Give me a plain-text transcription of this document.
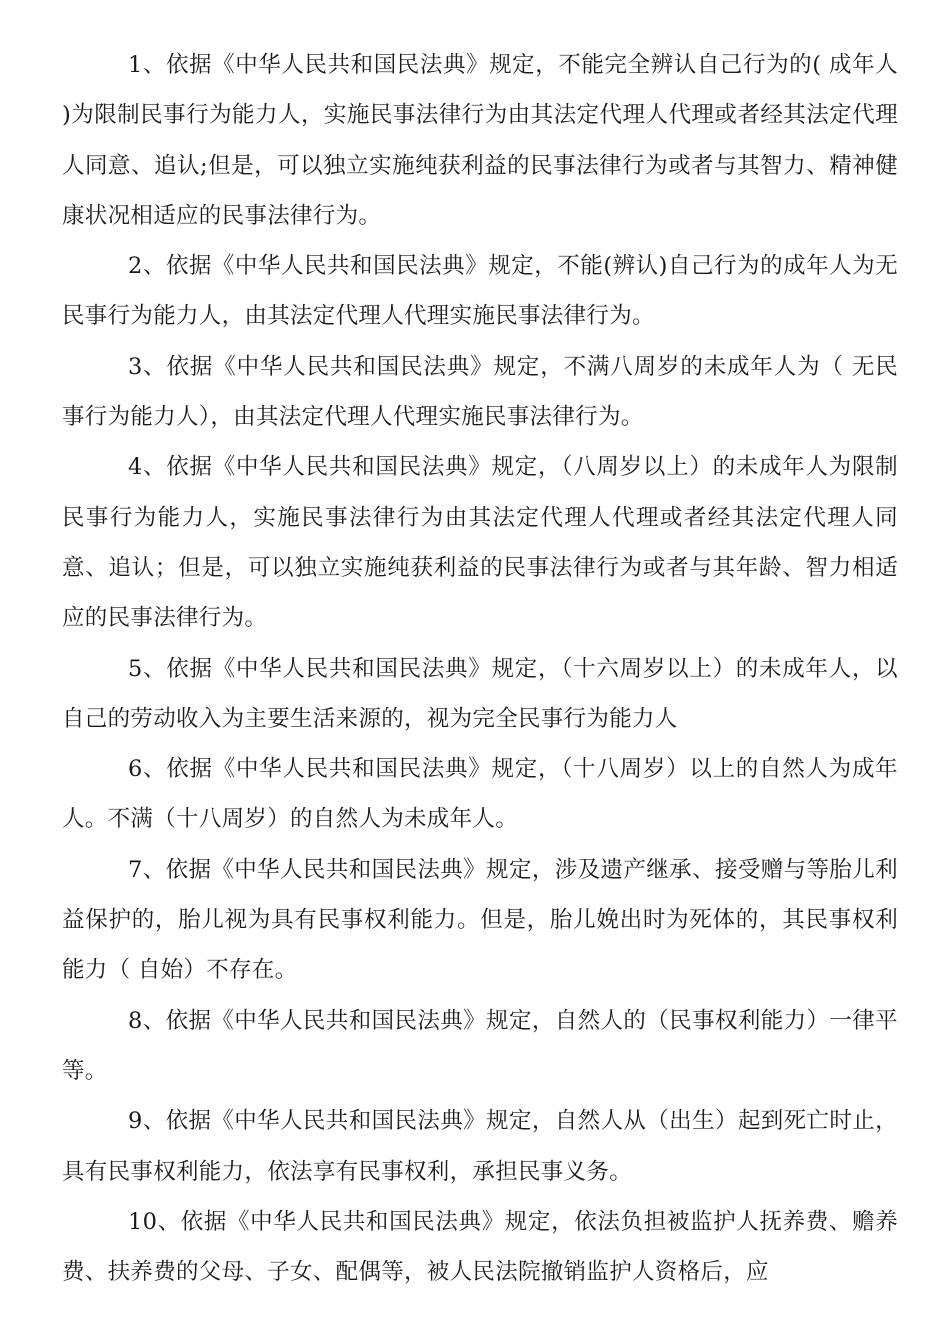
1、依据《中华人民共和国民法典》规定，不能完全辨认自己行为的( 成年人 )为限制民事行为能力人，实施民事法律行为由其法定代理人代理或者经其法定代理人同意、追认;但是，可以独立实施纯获利益的民事法律行为或者与其智力、精神健康状况相适应的民事法律行为。

2、依据《中华人民共和国民法典》规定，不能(辨认)自己行为的成年人为无民事行为能力人，由其法定代理人代理实施民事法律行为。

3、依据《中华人民共和国民法典》规定，不满八周岁的未成年人为（ 无民事行为能力人），由其法定代理人代理实施民事法律行为。

4、依据《中华人民共和国民法典》规定，（八周岁以上）的未成年人为限制民事行为能力人，实施民事法律行为由其法定代理人代理或者经其法定代理人同意、追认；但是，可以独立实施纯获利益的民事法律行为或者与其年龄、智力相适应的民事法律行为。

5、依据《中华人民共和国民法典》规定，（十六周岁以上）的未成年人，以自己的劳动收入为主要生活来源的，视为完全民事行为能力人

6、依据《中华人民共和国民法典》规定，（十八周岁）以上的自然人为成年人。不满（十八周岁）的自然人为未成年人。

7、依据《中华人民共和国民法典》规定，涉及遗产继承、接受赠与等胎儿利益保护的，胎儿视为具有民事权利能力。但是，胎儿娩出时为死体的，其民事权利能力（ 自始）不存在。

8、依据《中华人民共和国民法典》规定，自然人的（民事权利能力）一律平等。

9、依据《中华人民共和国民法典》规定，自然人从（出生）起到死亡时止，具有民事权利能力，依法享有民事权利，承担民事义务。

10、依据《中华人民共和国民法典》规定，依法负担被监护人抚养费、赡养费、扶养费的父母、子女、配偶等，被人民法院撤销监护人资格后，应
